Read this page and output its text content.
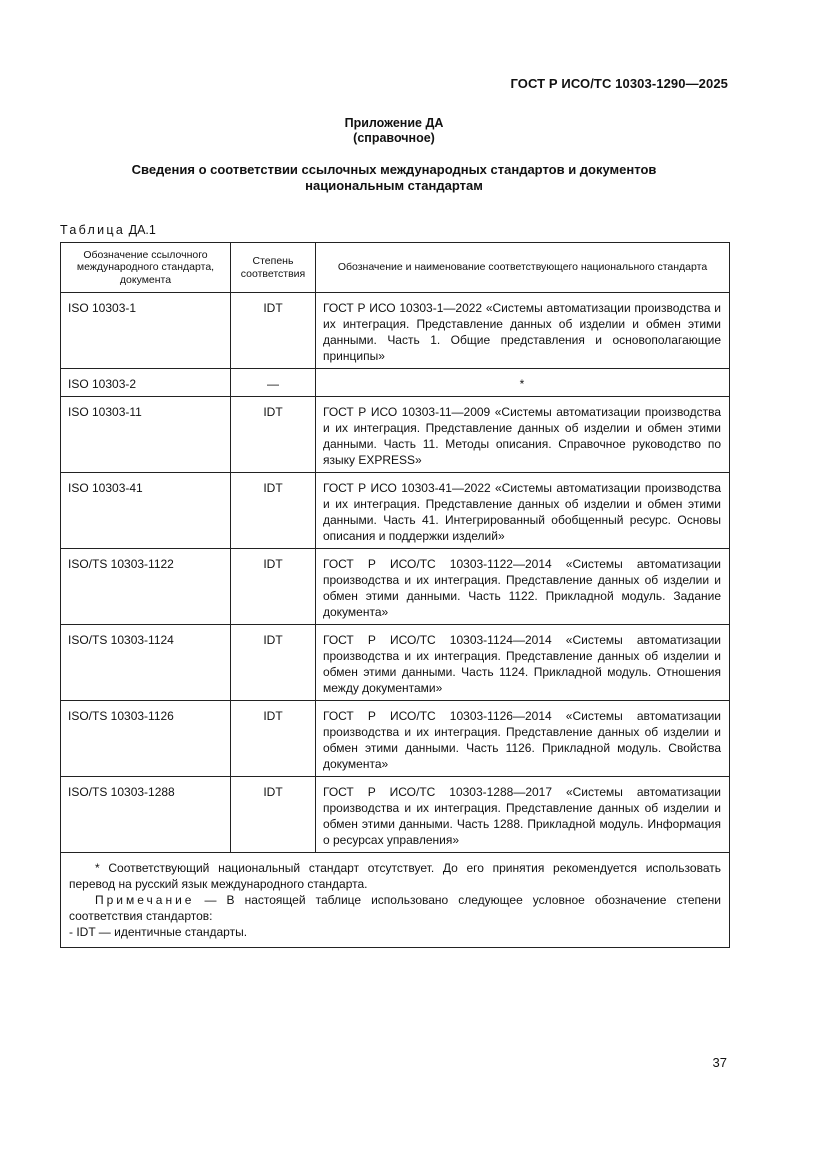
ГОСТ Р ИСО/ТС 10303-1290—2025
Приложение ДА
(справочное)
Сведения о соответствии ссылочных международных стандартов и документов
национальным стандартам
Таблица ДА.1
Обозначение ссылочного международного стандарта, документа	Степень соответствия	Обозначение и наименование соответствующего национального стандарта
ISO 10303-1	IDT	ГОСТ Р ИСО 10303-1—2022 «Системы автоматизации производства и их интеграция. Представление данных об изделии и обмен этими данными. Часть 1. Общие представления и основополагающие принципы»
ISO 10303-2	—	*
ISO 10303-11	IDT	ГОСТ Р ИСО 10303-11—2009 «Системы автоматизации производства и их интеграция. Представление данных об изделии и обмен этими данными. Часть 11. Методы описания. Справочное руководство по языку EXPRESS»
ISO 10303-41	IDT	ГОСТ Р ИСО 10303-41—2022 «Системы автоматизации производства и их интеграция. Представление данных об изделии и обмен этими данными. Часть 41. Интегрированный обобщенный ресурс. Основы описания и поддержки изделий»
ISO/TS 10303-1122	IDT	ГОСТ Р ИСО/ТС 10303-1122—2014 «Системы автоматизации производства и их интеграция. Представление данных об изделии и обмен этими данными. Часть 1122. Прикладной модуль. Задание документа»
ISO/TS 10303-1124	IDT	ГОСТ Р ИСО/ТС 10303-1124—2014 «Системы автоматизации производства и их интеграция. Представление данных об изделии и обмен этими данными. Часть 1124. Прикладной модуль. Отношения между документами»
ISO/TS 10303-1126	IDT	ГОСТ Р ИСО/ТС 10303-1126—2014 «Системы автоматизации производства и их интеграция. Представление данных об изделии и обмен этими данными. Часть 1126. Прикладной модуль. Свойства документа»
ISO/TS 10303-1288	IDT	ГОСТ Р ИСО/ТС 10303-1288—2017 «Системы автоматизации производства и их интеграция. Представление данных об изделии и обмен этими данными. Часть 1288. Прикладной модуль. Информация о ресурсах управления»

* Соответствующий национальный стандарт отсутствует. До его принятия рекомендуется использовать перевод на русский язык международного стандарта.

Примечание — В настоящей таблице использовано следующее условное обозначение степени соответствия стандартов:

- IDT — идентичные стандарты.		

37
